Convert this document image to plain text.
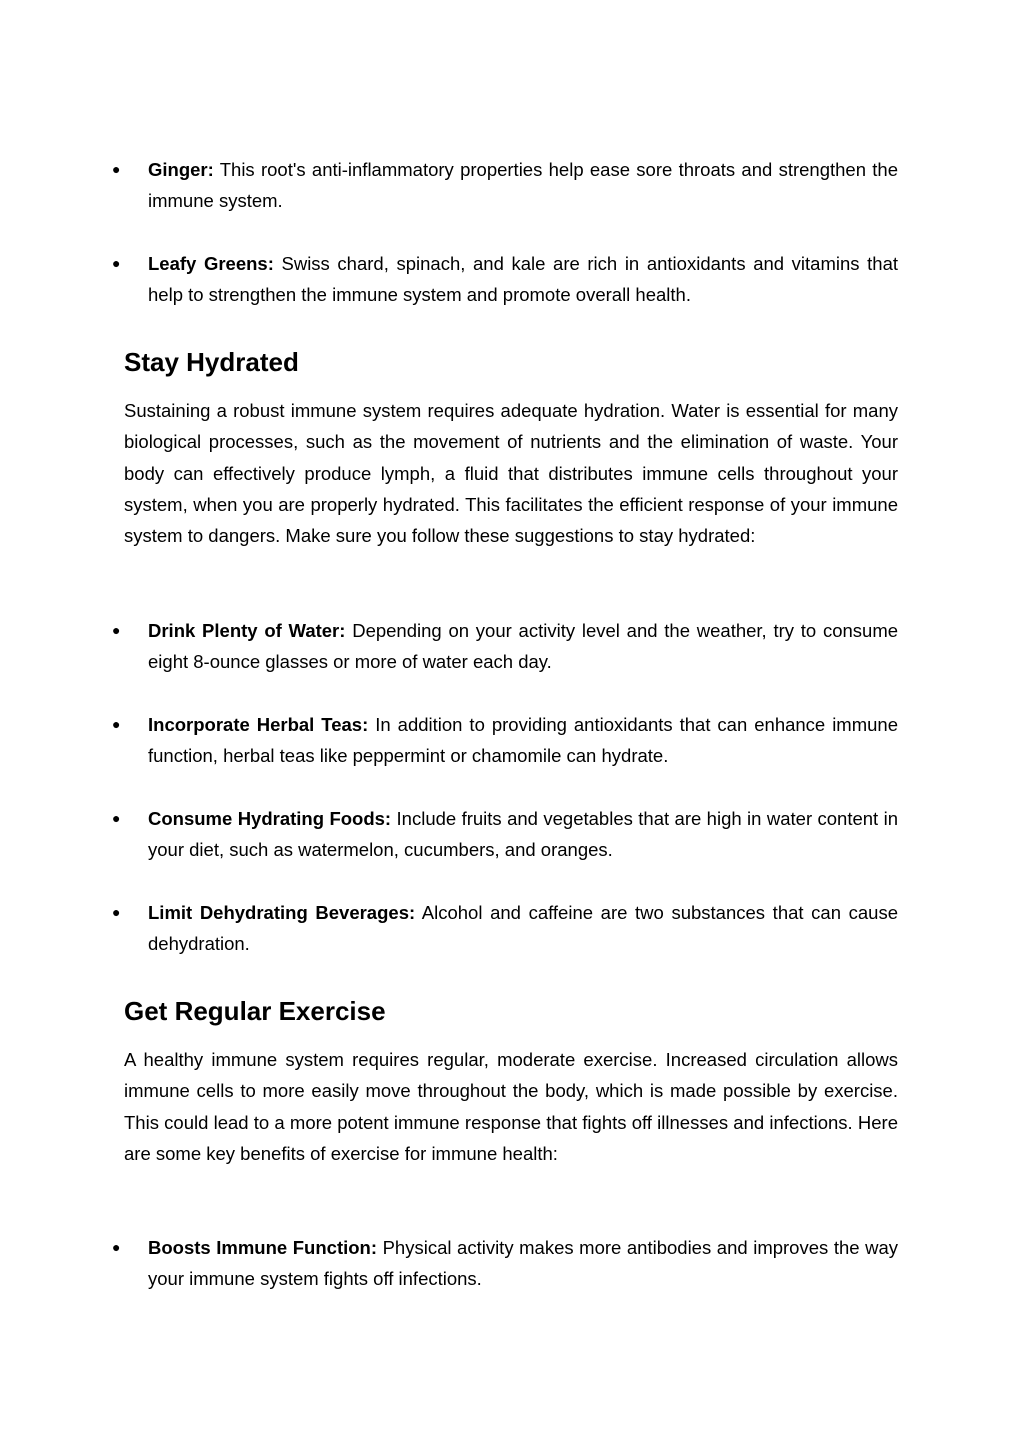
●	Ginger: This root's anti-inflammatory properties help ease sore throats and strengthen the immune system.
●	Leafy Greens: Swiss chard, spinach, and kale are rich in antioxidants and vitamins that help to strengthen the immune system and promote overall health.
Stay Hydrated

Sustaining a robust immune system requires adequate hydration. Water is essential for many biological processes, such as the movement of nutrients and the elimination of waste. Your body can effectively produce lymph, a fluid that distributes immune cells throughout your system, when you are properly hydrated. This facilitates the efficient response of your immune system to dangers. Make sure you follow these suggestions to stay hydrated:

●	Drink Plenty of Water: Depending on your activity level and the weather, try to consume eight 8-ounce glasses or more of water each day.
●	Incorporate Herbal Teas: In addition to providing antioxidants that can enhance immune function, herbal teas like peppermint or chamomile can hydrate.
●	Consume Hydrating Foods: Include fruits and vegetables that are high in water content in your diet, such as watermelon, cucumbers, and oranges.
●	Limit Dehydrating Beverages: Alcohol and caffeine are two substances that can cause dehydration.
Get Regular Exercise

A healthy immune system requires regular, moderate exercise. Increased circulation allows immune cells to more easily move throughout the body, which is made possible by exercise. This could lead to a more potent immune response that fights off illnesses and infections. Here are some key benefits of exercise for immune health:

●	Boosts Immune Function: Physical activity makes more antibodies and improves the way your immune system fights off infections.
